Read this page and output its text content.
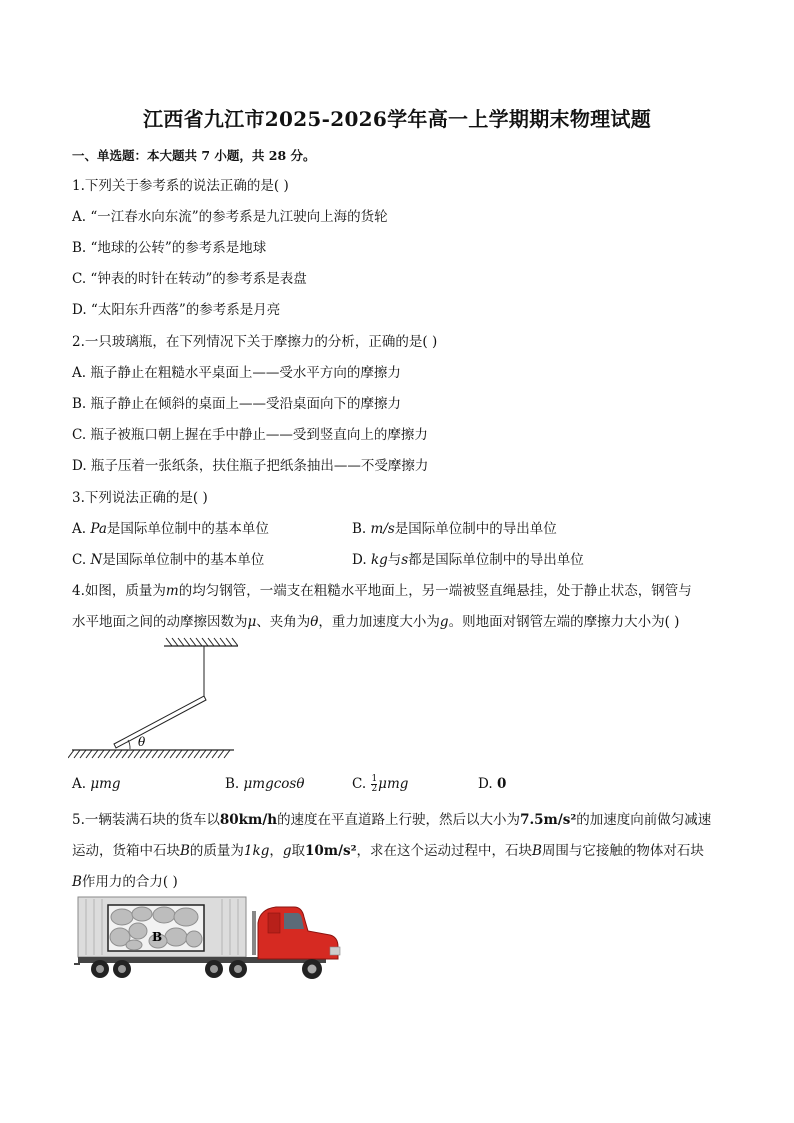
江西省九江市2025-2026学年高一上学期期末物理试题
一、单选题：本大题共 7 小题，共 28 分。
1.下列关于参考系的说法正确的是( )
A. “一江春水向东流”的参考系是九江驶向上海的货轮
B. “地球的公转”的参考系是地球
C. “钟表的时针在转动”的参考系是表盘
D. “太阳东升西落”的参考系是月亮
2.一只玻璃瓶，在下列情况下关于摩擦力的分析，正确的是( )
A. 瓶子静止在粗糙水平桌面上——受水平方向的摩擦力
B. 瓶子静止在倾斜的桌面上——受沿桌面向下的摩擦力
C. 瓶子被瓶口朝上握在手中静止——受到竖直向上的摩擦力
D. 瓶子压着一张纸条，扶住瓶子把纸条抽出——不受摩擦力
3.下列说法正确的是( )
A. Pa是国际单位制中的基本单位	B. m/s是国际单位制中的导出单位
C. N是国际单位制中的基本单位	D. kg与s都是国际单位制中的导出单位
4.如图，质量为m的均匀钢管，一端支在粗糙水平地面上，另一端被竖直绳悬挂，处于静止状态，钢管与
水平地面之间的动摩擦因数为μ、夹角为θ，重力加速度大小为g。则地面对钢管左端的摩擦力大小为( )
θ
A. μmg	B. μmgcosθ	C. $\frac{1}{2}$ μmg	D. 0
5.一辆装满石块的货车以80km/h的速度在平直道路上行驶，然后以大小为7.5m/s²的加速度向前做匀减速
运动，货箱中石块B的质量为1kg，g取10m/s²，求在这个运动过程中，石块B周围与它接触的物体对石块
B作用力的合力( )
B
